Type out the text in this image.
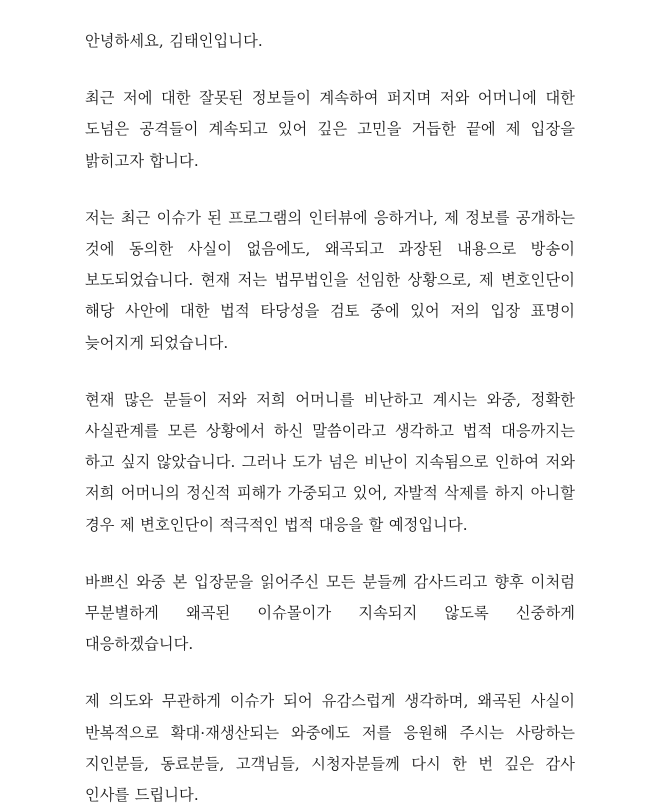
안녕하세요, 김태인입니다.

최근 저에 대한 잘못된 정보들이 계속하여 퍼지며 저와 어머니에 대한 도넘은 공격들이 계속되고 있어 깊은 고민을 거듭한 끝에 제 입장을 밝히고자 합니다.

저는 최근 이슈가 된 프로그램의 인터뷰에 응하거나, 제 정보를 공개하는 것에 동의한 사실이 없음에도, 왜곡되고 과장된 내용으로 방송이 보도되었습니다. 현재 저는 법무법인을 선임한 상황으로, 제 변호인단이 해당 사안에 대한 법적 타당성을 검토 중에 있어 저의 입장 표명이 늦어지게 되었습니다.

현재 많은 분들이 저와 저희 어머니를 비난하고 계시는 와중, 정확한 사실관계를 모른 상황에서 하신 말씀이라고 생각하고 법적 대응까지는 하고 싶지 않았습니다. 그러나 도가 넘은 비난이 지속됨으로 인하여 저와 저희 어머니의 정신적 피해가 가중되고 있어, 자발적 삭제를 하지 아니할 경우 제 변호인단이 적극적인 법적 대응을 할 예정입니다.

바쁘신 와중 본 입장문을 읽어주신 모든 분들께 감사드리고 향후 이처럼 무분별하게 왜곡된 이슈몰이가 지속되지 않도록 신중하게 대응하겠습니다.

제 의도와 무관하게 이슈가 되어 유감스럽게 생각하며, 왜곡된 사실이 반복적으로 확대·재생산되는 와중에도 저를 응원해 주시는 사랑하는 지인분들, 동료분들, 고객님들, 시청자분들께 다시 한 번 깊은 감사 인사를 드립니다.
